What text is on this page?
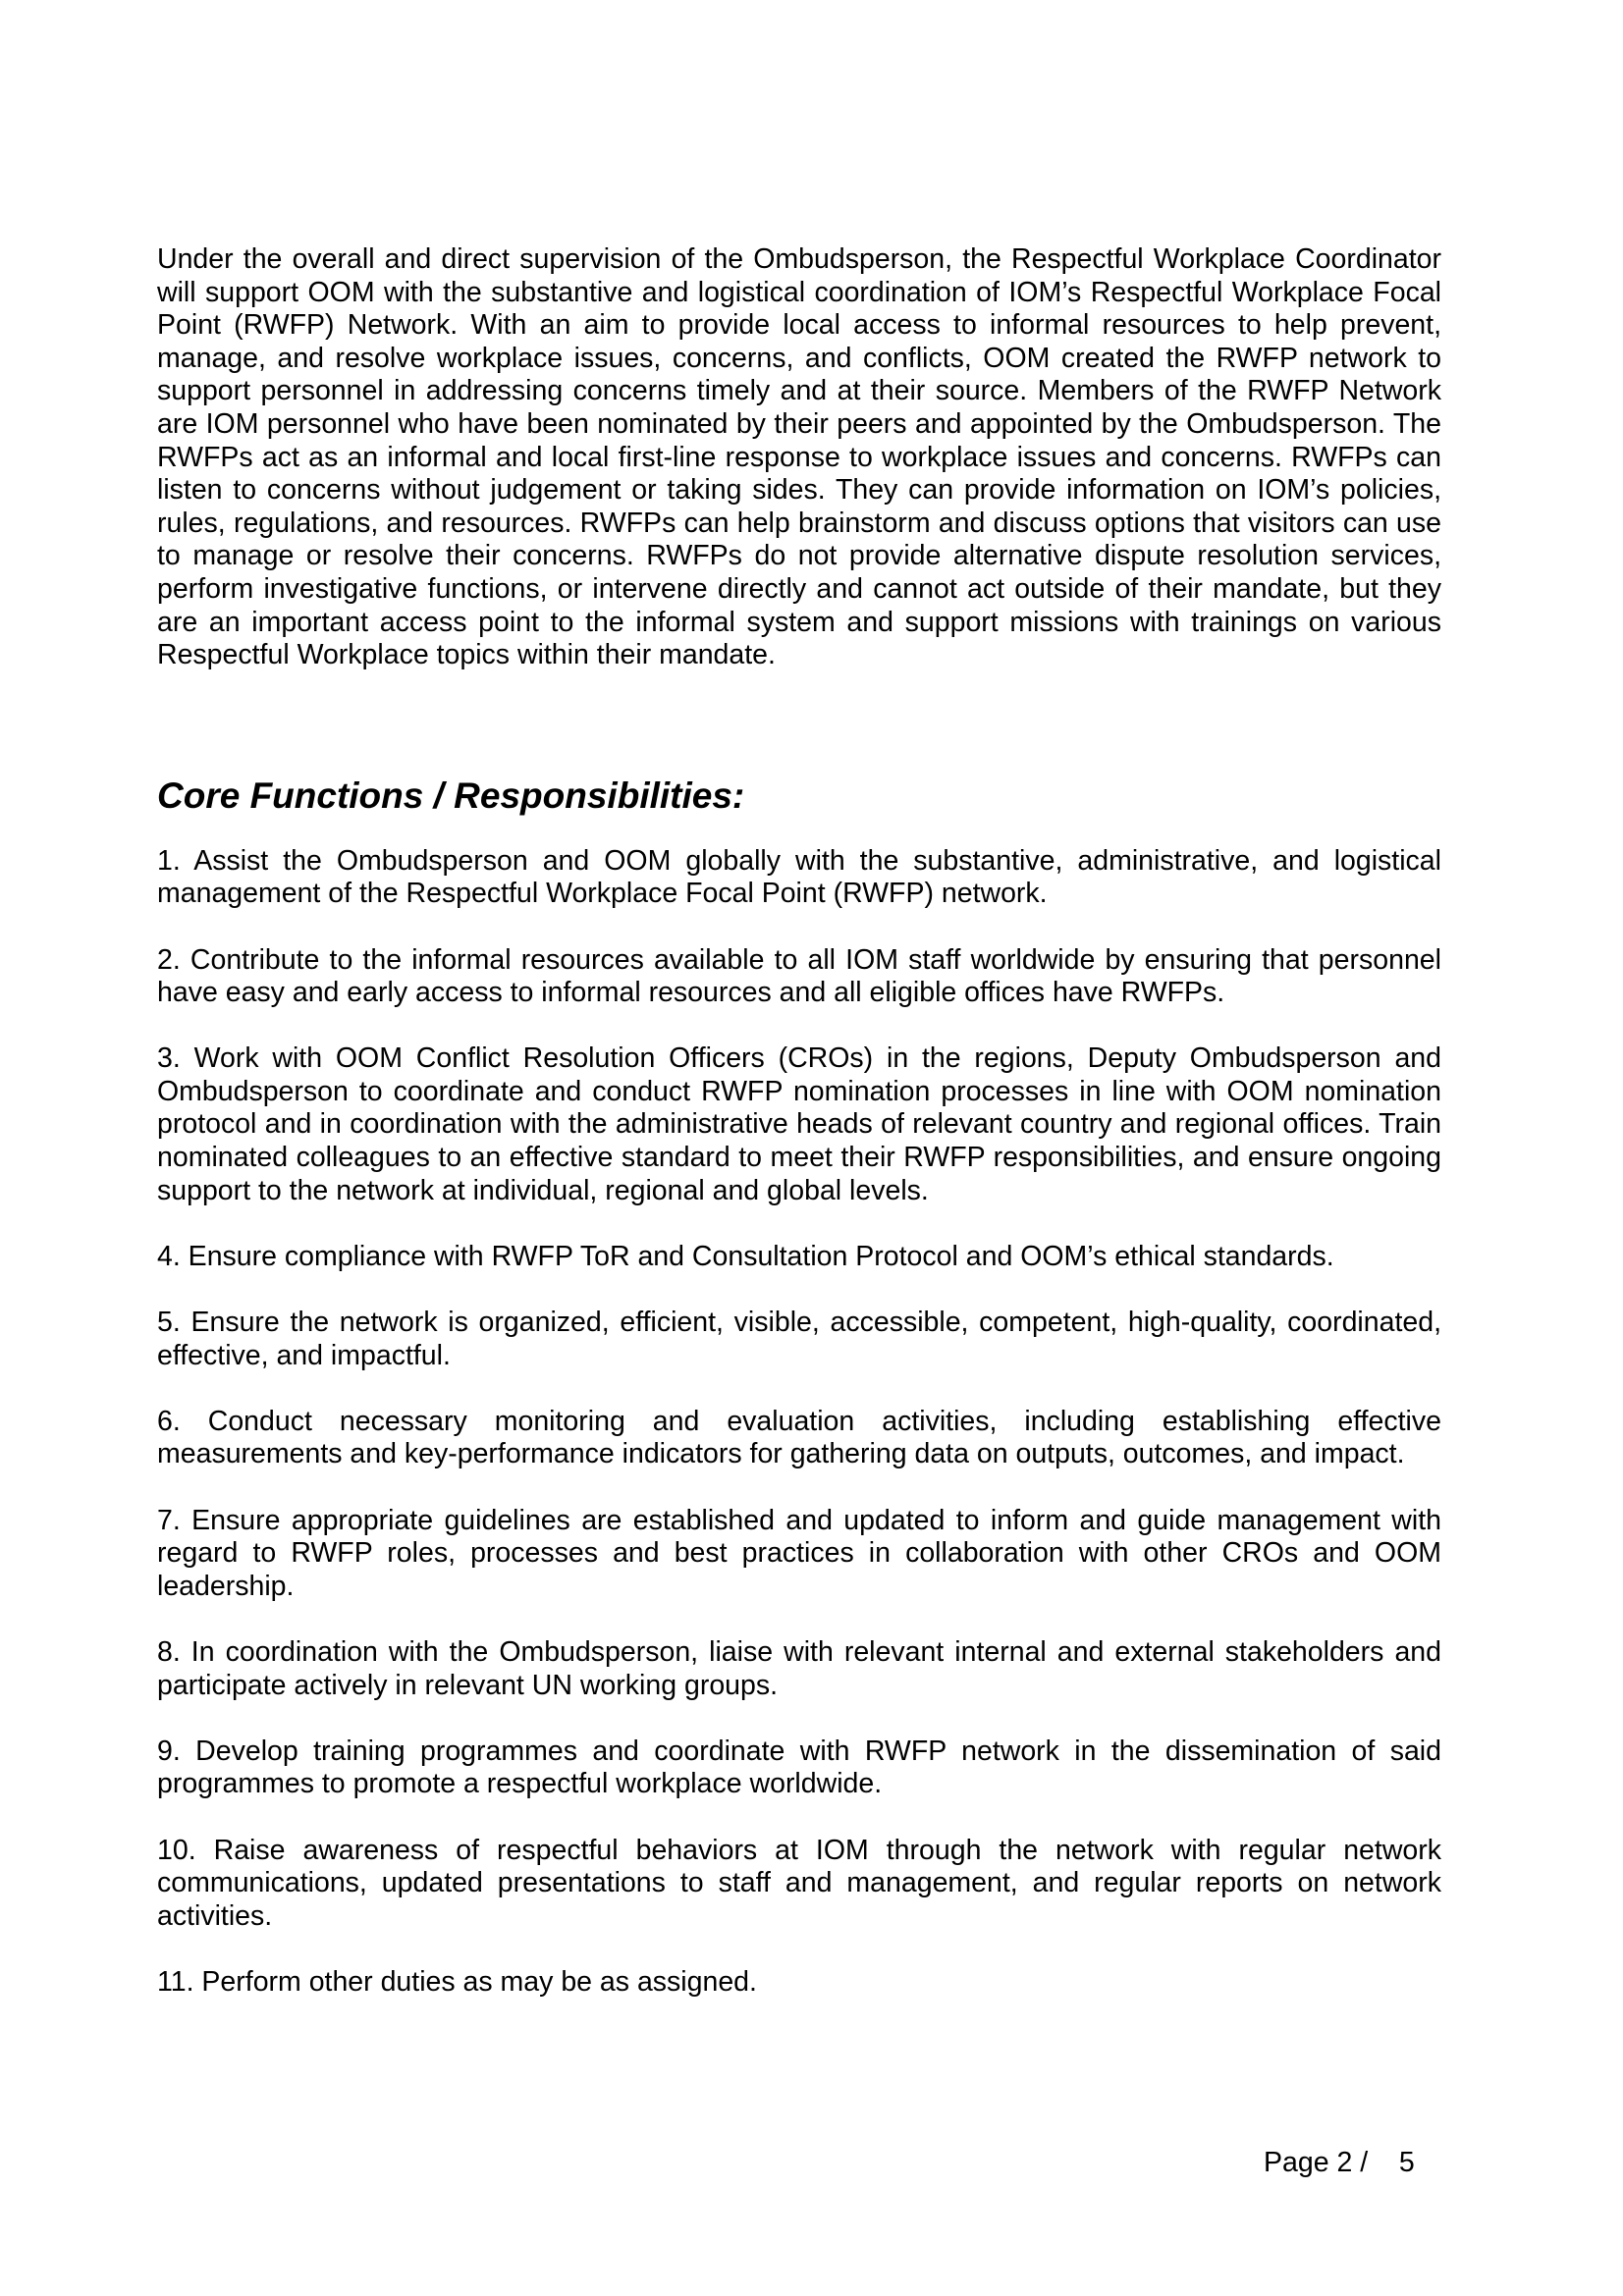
Under the overall and direct supervision of the Ombudsperson, the Respectful Workplace Coordinator will support OOM with the substantive and logistical coordination of IOM’s Respectful Workplace Focal Point (RWFP) Network. With an aim to provide local access to informal resources to help prevent, manage, and resolve workplace issues, concerns, and conflicts, OOM created the RWFP network to support personnel in addressing concerns timely and at their source. Members of the RWFP Network are IOM personnel who have been nominated by their peers and appointed by the Ombudsperson. The RWFPs act as an informal and local first-line response to workplace issues and concerns. RWFPs can listen to concerns without judgement or taking sides. They can provide information on IOM’s policies, rules, regulations, and resources. RWFPs can help brainstorm and discuss options that visitors can use to manage or resolve their concerns. RWFPs do not provide alternative dispute resolution services, perform investigative functions, or intervene directly and cannot act outside of their mandate, but they are an important access point to the informal system and support missions with trainings on various Respectful Workplace topics within their mandate.

Core Functions / Responsibilities:

1. Assist the Ombudsperson and OOM globally with the substantive, administrative, and logistical management of the Respectful Workplace Focal Point (RWFP) network.

2. Contribute to the informal resources available to all IOM staff worldwide by ensuring that personnel have easy and early access to informal resources and all eligible offices have RWFPs.

3. Work with OOM Conflict Resolution Officers (CROs) in the regions, Deputy Ombudsperson and Ombudsperson to coordinate and conduct RWFP nomination processes in line with OOM nomination protocol and in coordination with the administrative heads of relevant country and regional offices. Train nominated colleagues to an effective standard to meet their RWFP responsibilities, and ensure ongoing support to the network at individual, regional and global levels.

4. Ensure compliance with RWFP ToR and Consultation Protocol and OOM’s ethical standards.

5. Ensure the network is organized, efficient, visible, accessible, competent, high-quality, coordinated, effective, and impactful.

6. Conduct necessary monitoring and evaluation activities, including establishing effective measurements and key-performance indicators for gathering data on outputs, outcomes, and impact.

7. Ensure appropriate guidelines are established and updated to inform and guide management with regard to RWFP roles, processes and best practices in collaboration with other CROs and OOM leadership.

8. In coordination with the Ombudsperson, liaise with relevant internal and external stakeholders and participate actively in relevant UN working groups.

9. Develop training programmes and coordinate with RWFP network in the dissemination of said programmes to promote a respectful workplace worldwide.

10. Raise awareness of respectful behaviors at IOM through the network with regular network communications, updated presentations to staff and management, and regular reports on network activities.

11. Perform other duties as may be as assigned.

Page 2 /    5
